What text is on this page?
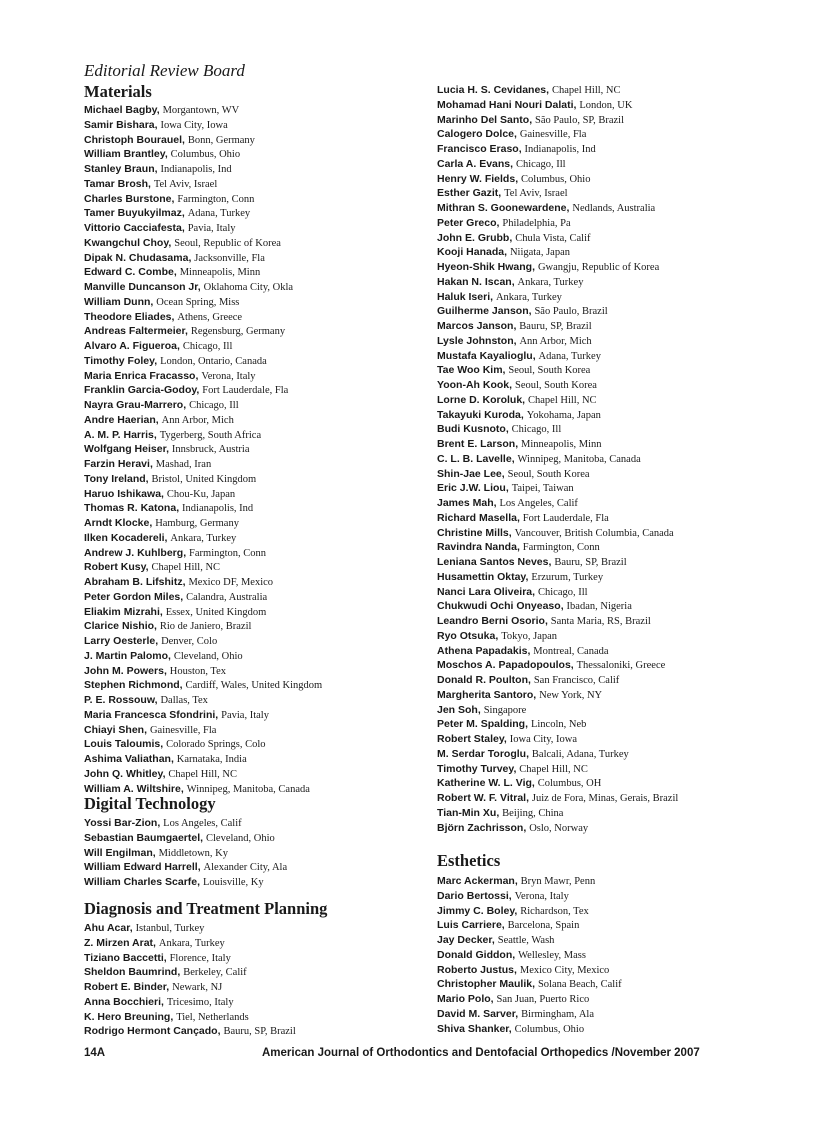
Editorial Review Board
Materials
Michael Bagby, Morgantown, WV
Samir Bishara, Iowa City, Iowa
Christoph Bourauel, Bonn, Germany
William Brantley, Columbus, Ohio
Stanley Braun, Indianapolis, Ind
Tamar Brosh, Tel Aviv, Israel
Charles Burstone, Farmington, Conn
Tamer Buyukyilmaz, Adana, Turkey
Vittorio Cacciafesta, Pavia, Italy
Kwangchul Choy, Seoul, Republic of Korea
Dipak N. Chudasama, Jacksonville, Fla
Edward C. Combe, Minneapolis, Minn
Manville Duncanson Jr, Oklahoma City, Okla
William Dunn, Ocean Spring, Miss
Theodore Eliades, Athens, Greece
Andreas Faltermeier, Regensburg, Germany
Alvaro A. Figueroa, Chicago, Ill
Timothy Foley, London, Ontario, Canada
Maria Enrica Fracasso, Verona, Italy
Franklin Garcia-Godoy, Fort Lauderdale, Fla
Nayra Grau-Marrero, Chicago, Ill
Andre Haerian, Ann Arbor, Mich
A. M. P. Harris, Tygerberg, South Africa
Wolfgang Heiser, Innsbruck, Austria
Farzin Heravi, Mashad, Iran
Tony Ireland, Bristol, United Kingdom
Haruo Ishikawa, Chou-Ku, Japan
Thomas R. Katona, Indianapolis, Ind
Arndt Klocke, Hamburg, Germany
Ilken Kocadereli, Ankara, Turkey
Andrew J. Kuhlberg, Farmington, Conn
Robert Kusy, Chapel Hill, NC
Abraham B. Lifshitz, Mexico DF, Mexico
Peter Gordon Miles, Calandra, Australia
Eliakim Mizrahi, Essex, United Kingdom
Clarice Nishio, Rio de Janiero, Brazil
Larry Oesterle, Denver, Colo
J. Martin Palomo, Cleveland, Ohio
John M. Powers, Houston, Tex
Stephen Richmond, Cardiff, Wales, United Kingdom
P. E. Rossouw, Dallas, Tex
Maria Francesca Sfondrini, Pavia, Italy
Chiayi Shen, Gainesville, Fla
Louis Taloumis, Colorado Springs, Colo
Ashima Valiathan, Karnataka, India
John Q. Whitley, Chapel Hill, NC
William A. Wiltshire, Winnipeg, Manitoba, Canada
Digital Technology
Yossi Bar-Zion, Los Angeles, Calif
Sebastian Baumgaertel, Cleveland, Ohio
Will Engilman, Middletown, Ky
William Edward Harrell, Alexander City, Ala
William Charles Scarfe, Louisville, Ky
Diagnosis and Treatment Planning
Ahu Acar, Istanbul, Turkey
Z. Mirzen Arat, Ankara, Turkey
Tiziano Baccetti, Florence, Italy
Sheldon Baumrind, Berkeley, Calif
Robert E. Binder, Newark, NJ
Anna Bocchieri, Tricesimo, Italy
K. Hero Breuning, Tiel, Netherlands
Rodrigo Hermont Cançado, Bauru, SP, Brazil
Lucia H. S. Cevidanes, Chapel Hill, NC
Mohamad Hani Nouri Dalati, London, UK
Marinho Del Santo, São Paulo, SP, Brazil
Calogero Dolce, Gainesville, Fla
Francisco Eraso, Indianapolis, Ind
Carla A. Evans, Chicago, Ill
Henry W. Fields, Columbus, Ohio
Esther Gazit, Tel Aviv, Israel
Mithran S. Goonewardene, Nedlands, Australia
Peter Greco, Philadelphia, Pa
John E. Grubb, Chula Vista, Calif
Kooji Hanada, Niigata, Japan
Hyeon-Shik Hwang, Gwangju, Republic of Korea
Hakan N. Iscan, Ankara, Turkey
Haluk Iseri, Ankara, Turkey
Guilherme Janson, São Paulo, Brazil
Marcos Janson, Bauru, SP, Brazil
Lysle Johnston, Ann Arbor, Mich
Mustafa Kayalioglu, Adana, Turkey
Tae Woo Kim, Seoul, South Korea
Yoon-Ah Kook, Seoul, South Korea
Lorne D. Koroluk, Chapel Hill, NC
Takayuki Kuroda, Yokohama, Japan
Budi Kusnoto, Chicago, Ill
Brent E. Larson, Minneapolis, Minn
C. L. B. Lavelle, Winnipeg, Manitoba, Canada
Shin-Jae Lee, Seoul, South Korea
Eric J.W. Liou, Taipei, Taiwan
James Mah, Los Angeles, Calif
Richard Masella, Fort Lauderdale, Fla
Christine Mills, Vancouver, British Columbia, Canada
Ravindra Nanda, Farmington, Conn
Leniana Santos Neves, Bauru, SP, Brazil
Husamettin Oktay, Erzurum, Turkey
Nanci Lara Oliveira, Chicago, Ill
Chukwudi Ochi Onyeaso, Ibadan, Nigeria
Leandro Berni Osorio, Santa Maria, RS, Brazil
Ryo Otsuka, Tokyo, Japan
Athena Papadakis, Montreal, Canada
Moschos A. Papadopoulos, Thessaloniki, Greece
Donald R. Poulton, San Francisco, Calif
Margherita Santoro, New York, NY
Jen Soh, Singapore
Peter M. Spalding, Lincoln, Neb
Robert Staley, Iowa City, Iowa
M. Serdar Toroglu, Balcali, Adana, Turkey
Timothy Turvey, Chapel Hill, NC
Katherine W. L. Vig, Columbus, OH
Robert W. F. Vitral, Juiz de Fora, Minas, Gerais, Brazil
Tian-Min Xu, Beijing, China
Björn Zachrisson, Oslo, Norway
Esthetics
Marc Ackerman, Bryn Mawr, Penn
Dario Bertossi, Verona, Italy
Jimmy C. Boley, Richardson, Tex
Luis Carriere, Barcelona, Spain
Jay Decker, Seattle, Wash
Donald Giddon, Wellesley, Mass
Roberto Justus, Mexico City, Mexico
Christopher Maulik, Solana Beach, Calif
Mario Polo, San Juan, Puerto Rico
David M. Sarver, Birmingham, Ala
Shiva Shanker, Columbus, Ohio
14A	American Journal of Orthodontics and Dentofacial Orthopedics /November 2007
